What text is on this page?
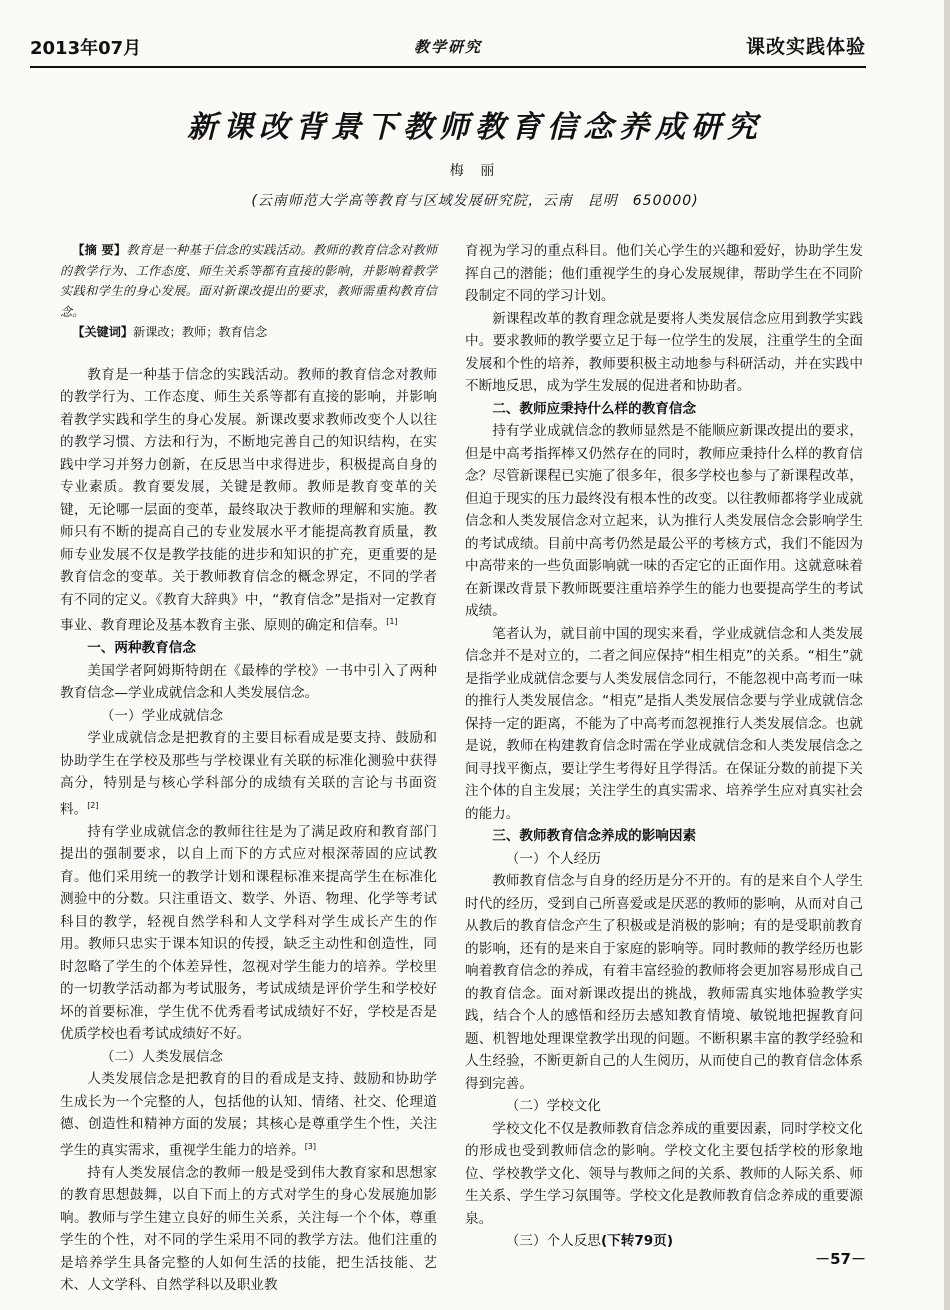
2013年07月	教学研究	课改实践体验
新课改背景下教师教育信念养成研究
梅 丽
(云南师范大学高等教育与区域发展研究院，云南　昆明　650000)

【摘 要】教育是一种基于信念的实践活动。教师的教育信念对教师的教学行为、工作态度、师生关系等都有直接的影响，并影响着教学实践和学生的身心发展。面对新课改提出的要求，教师需重构教育信念。

【关键词】新课改；教师；教育信念

教育是一种基于信念的实践活动。教师的教育信念对教师的教学行为、工作态度、师生关系等都有直接的影响，并影响着教学实践和学生的身心发展。新课改要求教师改变个人以往的教学习惯、方法和行为，不断地完善自己的知识结构，在实践中学习并努力创新，在反思当中求得进步，积极提高自身的专业素质。教育要发展，关键是教师。教师是教育变革的关键，无论哪一层面的变革，最终取决于教师的理解和实施。教师只有不断的提高自己的专业发展水平才能提高教育质量，教师专业发展不仅是教学技能的进步和知识的扩充，更重要的是教育信念的变革。关于教师教育信念的概念界定，不同的学者有不同的定义。《教育大辞典》中，“教育信念”是指对一定教育事业、教育理论及基本教育主张、原则的确定和信奉。[1]

一、两种教育信念

美国学者阿姆斯特朗在《最棒的学校》一书中引入了两种教育信念—学业成就信念和人类发展信念。

（一）学业成就信念

学业成就信念是把教育的主要目标看成是要支持、鼓励和协助学生在学校及那些与学校课业有关联的标准化测验中获得高分，特别是与核心学科部分的成绩有关联的言论与书面资料。[2]

持有学业成就信念的教师往往是为了满足政府和教育部门提出的强制要求，以自上而下的方式应对根深蒂固的应试教育。他们采用统一的教学计划和课程标准来提高学生在标准化测验中的分数。只注重语文、数学、外语、物理、化学等考试科目的教学，轻视自然学科和人文学科对学生成长产生的作用。教师只忠实于课本知识的传授，缺乏主动性和创造性，同时忽略了学生的个体差异性，忽视对学生能力的培养。学校里的一切教学活动都为考试服务，考试成绩是评价学生和学校好坏的首要标准，学生优不优秀看考试成绩好不好，学校是否是优质学校也看考试成绩好不好。

（二）人类发展信念

人类发展信念是把教育的目的看成是支持、鼓励和协助学生成长为一个完整的人，包括他的认知、情绪、社交、伦理道德、创造性和精神方面的发展；其核心是尊重学生个性，关注学生的真实需求，重视学生能力的培养。[3]

持有人类发展信念的教师一般是受到伟大教育家和思想家的教育思想鼓舞，以自下而上的方式对学生的身心发展施加影响。教师与学生建立良好的师生关系，关注每一个个体，尊重学生的个性，对不同的学生采用不同的教学方法。他们注重的是培养学生具备完整的人如何生活的技能，把生活技能、艺术、人文学科、自然学科以及职业教

育视为学习的重点科目。他们关心学生的兴趣和爱好，协助学生发挥自己的潜能；他们重视学生的身心发展规律，帮助学生在不同阶段制定不同的学习计划。

新课程改革的教育理念就是要将人类发展信念应用到教学实践中。要求教师的教学要立足于每一位学生的发展，注重学生的全面发展和个性的培养，教师要积极主动地参与科研活动，并在实践中不断地反思，成为学生发展的促进者和协助者。

二、教师应秉持什么样的教育信念

持有学业成就信念的教师显然是不能顺应新课改提出的要求，但是中高考指挥棒又仍然存在的同时，教师应秉持什么样的教育信念？尽管新课程已实施了很多年，很多学校也参与了新课程改革，但迫于现实的压力最终没有根本性的改变。以往教师都将学业成就信念和人类发展信念对立起来，认为推行人类发展信念会影响学生的考试成绩。目前中高考仍然是最公平的考核方式，我们不能因为中高带来的一些负面影响就一味的否定它的正面作用。这就意味着在新课改背景下教师既要注重培养学生的能力也要提高学生的考试成绩。

笔者认为，就目前中国的现实来看，学业成就信念和人类发展信念并不是对立的，二者之间应保持“相生相克”的关系。“相生”就是指学业成就信念要与人类发展信念同行，不能忽视中高考而一味的推行人类发展信念。“相克”是指人类发展信念要与学业成就信念保持一定的距离，不能为了中高考而忽视推行人类发展信念。也就是说，教师在构建教育信念时需在学业成就信念和人类发展信念之间寻找平衡点，要让学生考得好且学得活。在保证分数的前提下关注个体的自主发展；关注学生的真实需求、培养学生应对真实社会的能力。

三、教师教育信念养成的影响因素
（一）个人经历

教师教育信念与自身的经历是分不开的。有的是来自个人学生时代的经历，受到自己所喜爱或是厌恶的教师的影响，从而对自己从教后的教育信念产生了积极或是消极的影响；有的是受职前教育的影响，还有的是来自于家庭的影响等。同时教师的教学经历也影响着教育信念的养成，有着丰富经验的教师将会更加容易形成自己的教育信念。面对新课改提出的挑战，教师需真实地体验教学实践，结合个人的感悟和经历去感知教育情境、敏锐地把握教育问题、机智地处理课堂教学出现的问题。不断积累丰富的教学经验和人生经验，不断更新自己的人生阅历，从而使自己的教育信念体系得到完善。

（二）学校文化

学校文化不仅是教师教育信念养成的重要因素，同时学校文化的形成也受到教师信念的影响。学校文化主要包括学校的形象地位、学校教学文化、领导与教师之间的关系、教师的人际关系、师生关系、学生学习氛围等。学校文化是教师教育信念养成的重要源泉。

（三）个人反思(下转79页)
－57－
